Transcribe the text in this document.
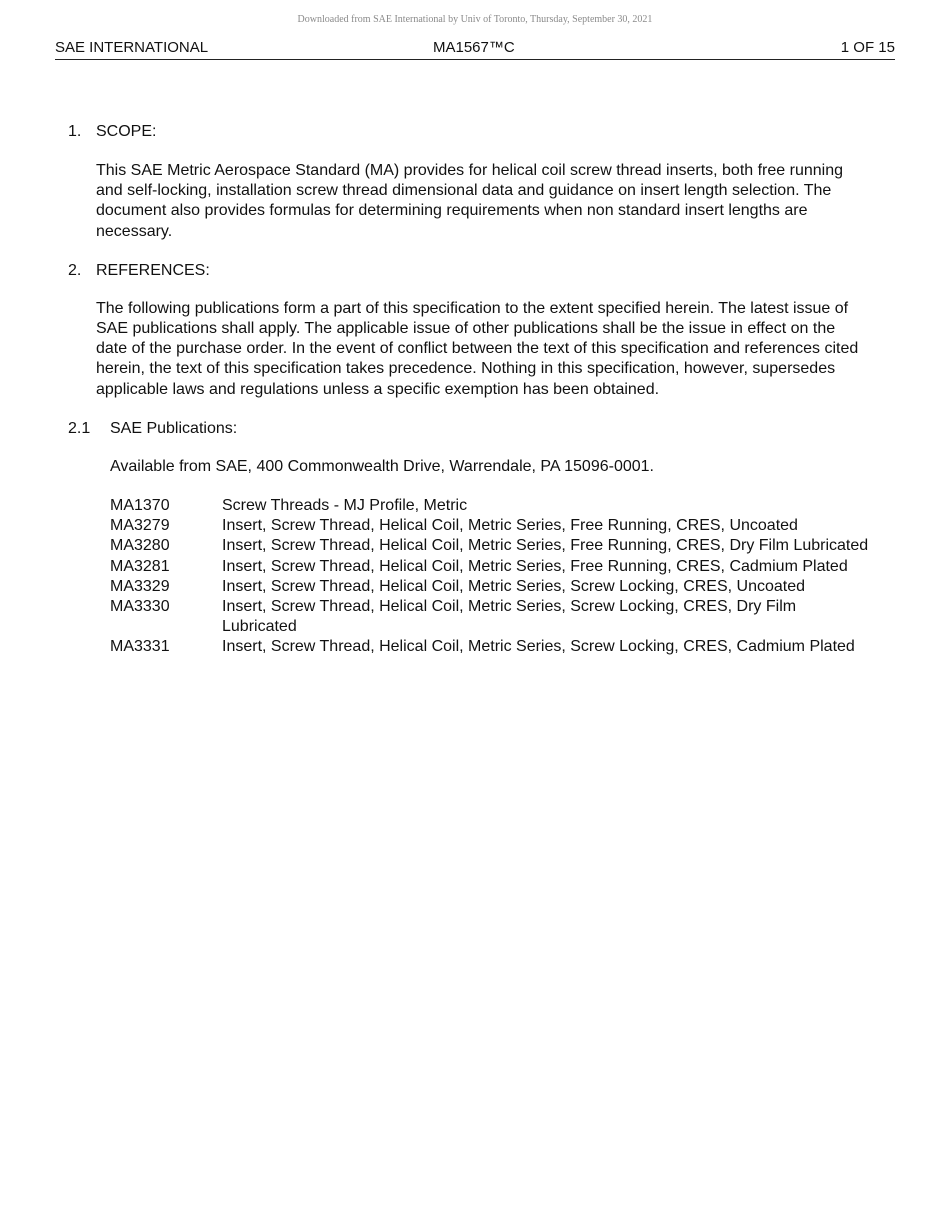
Downloaded from SAE International by Univ of Toronto, Thursday, September 30, 2021
SAE INTERNATIONAL	MA1567™C	1 OF 15
1. SCOPE:
This SAE Metric Aerospace Standard (MA) provides for helical coil screw thread inserts, both free running and self-locking, installation screw thread dimensional data and guidance on insert length selection. The document also provides formulas for determining requirements when non standard insert lengths are necessary.
2. REFERENCES:
The following publications form a part of this specification to the extent specified herein. The latest issue of SAE publications shall apply. The applicable issue of other publications shall be the issue in effect on the date of the purchase order. In the event of conflict between the text of this specification and references cited herein, the text of this specification takes precedence. Nothing in this specification, however, supersedes applicable laws and regulations unless a specific exemption has been obtained.
2.1 SAE Publications:
Available from SAE, 400 Commonwealth Drive, Warrendale, PA 15096-0001.
MA1370	Screw Threads - MJ Profile, Metric
MA3279	Insert, Screw Thread, Helical Coil, Metric Series, Free Running, CRES, Uncoated
MA3280	Insert, Screw Thread, Helical Coil, Metric Series, Free Running, CRES, Dry Film Lubricated
MA3281	Insert, Screw Thread, Helical Coil, Metric Series, Free Running, CRES, Cadmium Plated
MA3329	Insert, Screw Thread, Helical Coil, Metric Series, Screw Locking, CRES, Uncoated
MA3330	Insert, Screw Thread, Helical Coil, Metric Series, Screw Locking, CRES, Dry Film Lubricated
MA3331	Insert, Screw Thread, Helical Coil, Metric Series, Screw Locking, CRES, Cadmium Plated
